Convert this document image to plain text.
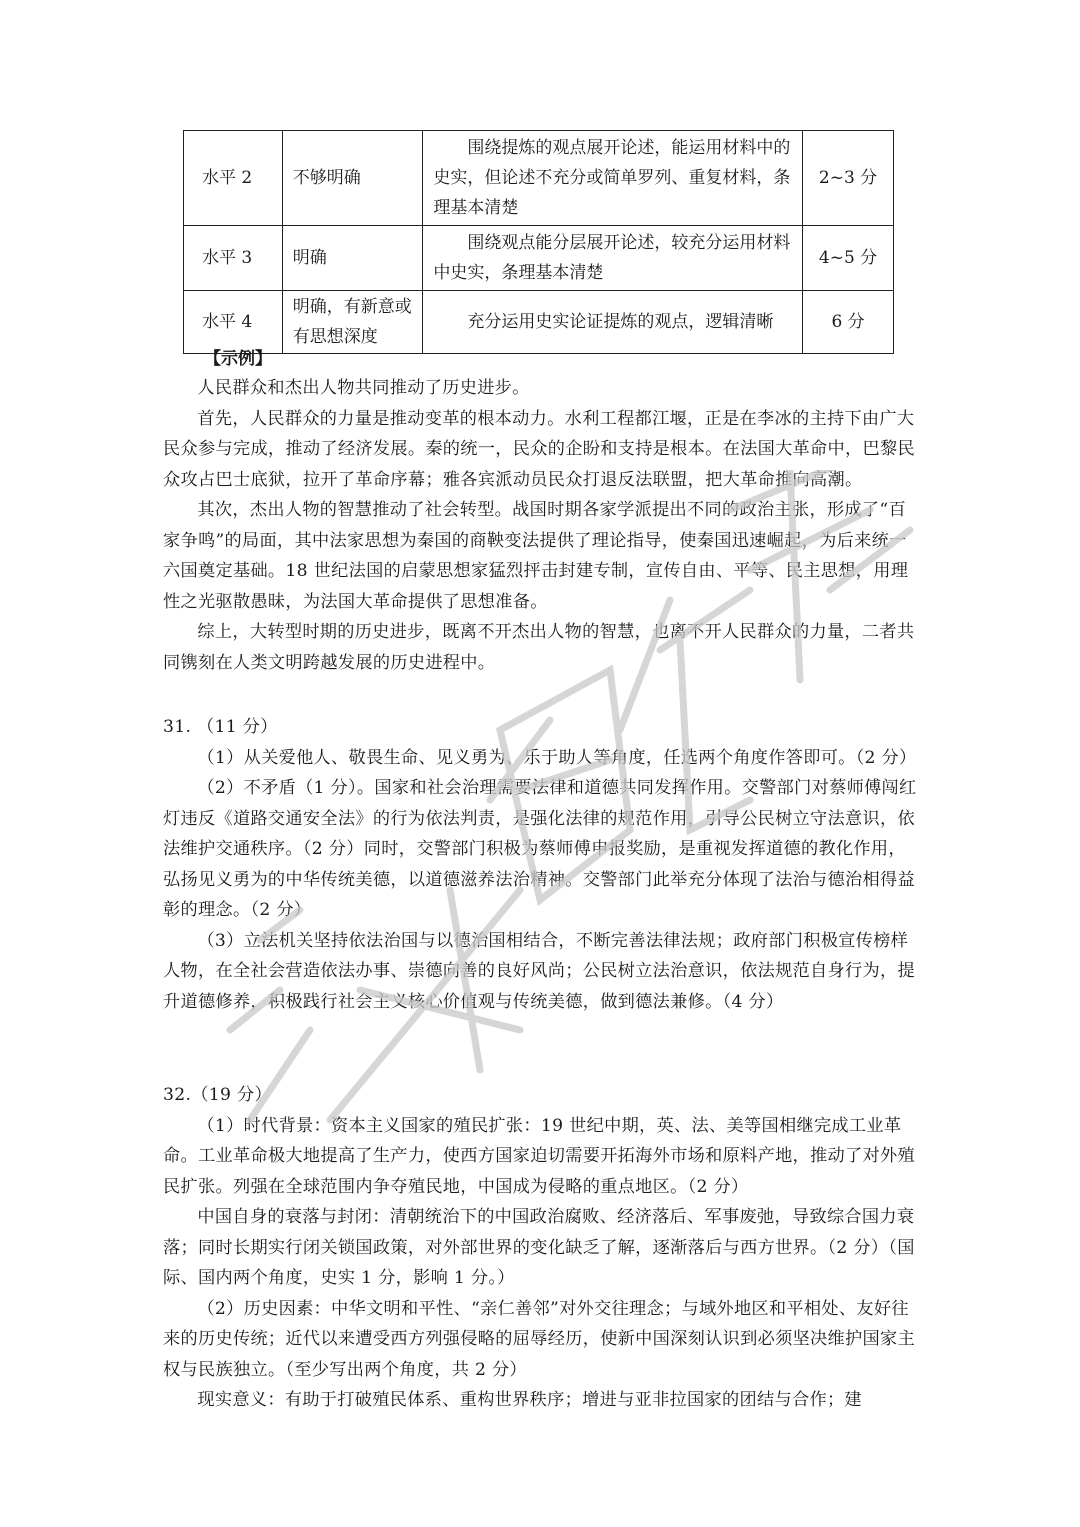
水平 2	不够明确	围绕提炼的观点展开论述，能运用材料中的史实，但论述不充分或简单罗列、重复材料，条理基本清楚	2~3 分
水平 3	明确	围绕观点能分层展开论述，较充分运用材料中史实，条理基本清楚	4~5 分
水平 4	明确，有新意或有思想深度	充分运用史实论证提炼的观点，逻辑清晰	6 分
【示例】

人民群众和杰出人物共同推动了历史进步。

首先，人民群众的力量是推动变革的根本动力。水利工程都江堰，正是在李冰的主持下由广大民众参与完成，推动了经济发展。秦的统一，民众的企盼和支持是根本。在法国大革命中，巴黎民众攻占巴士底狱，拉开了革命序幕；雅各宾派动员民众打退反法联盟，把大革命推向高潮。

其次，杰出人物的智慧推动了社会转型。战国时期各家学派提出不同的政治主张，形成了“百家争鸣”的局面，其中法家思想为秦国的商鞅变法提供了理论指导，使秦国迅速崛起，为后来统一六国奠定基础。18 世纪法国的启蒙思想家猛烈抨击封建专制，宣传自由、平等、民主思想，用理性之光驱散愚昧，为法国大革命提供了思想准备。

综上，大转型时期的历史进步，既离不开杰出人物的智慧，也离不开人民群众的力量，二者共同镌刻在人类文明跨越发展的历史进程中。

31. （11 分）

（1）从关爱他人、敬畏生命、见义勇为、乐于助人等角度，任选两个角度作答即可。（2 分）

（2）不矛盾（1 分）。国家和社会治理需要法律和道德共同发挥作用。交警部门对蔡师傅闯红灯违反《道路交通安全法》的行为依法判责，是强化法律的规范作用，引导公民树立守法意识，依法维护交通秩序。（2 分）同时，交警部门积极为蔡师傅申报奖励，是重视发挥道德的教化作用，弘扬见义勇为的中华传统美德，以道德滋养法治精神。交警部门此举充分体现了法治与德治相得益彰的理念。（2 分）

（3）立法机关坚持依法治国与以德治国相结合，不断完善法律法规；政府部门积极宣传榜样人物，在全社会营造依法办事、崇德向善的良好风尚；公民树立法治意识，依法规范自身行为，提升道德修养，积极践行社会主义核心价值观与传统美德，做到德法兼修。（4 分）

32.（19 分）

（1）时代背景：资本主义国家的殖民扩张：19 世纪中期，英、法、美等国相继完成工业革命。工业革命极大地提高了生产力，使西方国家迫切需要开拓海外市场和原料产地，推动了对外殖民扩张。列强在全球范围内争夺殖民地，中国成为侵略的重点地区。（2 分）

中国自身的衰落与封闭：清朝统治下的中国政治腐败、经济落后、军事废弛，导致综合国力衰落；同时长期实行闭关锁国政策，对外部世界的变化缺乏了解，逐渐落后与西方世界。（2 分）（国际、国内两个角度，史实 1 分，影响 1 分。）

（2）历史因素：中华文明和平性、“亲仁善邻”对外交往理念；与域外地区和平相处、友好往来的历史传统；近代以来遭受西方列强侵略的屈辱经历，使新中国深刻认识到必须坚决维护国家主权与民族独立。（至少写出两个角度，共 2 分）

现实意义：有助于打破殖民体系、重构世界秩序；增进与亚非拉国家的团结与合作；建
